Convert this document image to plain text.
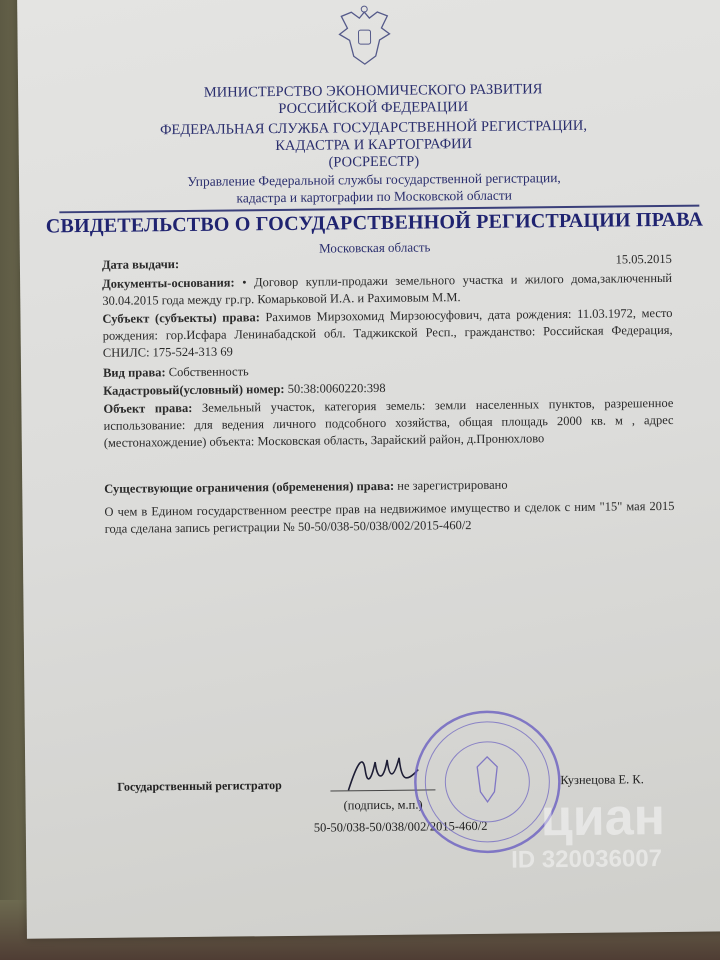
МИНИСТЕРСТВО ЭКОНОМИЧЕСКОГО РАЗВИТИЯ
РОССИЙСКОЙ ФЕДЕРАЦИИ
ФЕДЕРАЛЬНАЯ СЛУЖБА ГОСУДАРСТВЕННОЙ РЕГИСТРАЦИИ,
КАДАСТРА И КАРТОГРАФИИ
(РОСРЕЕСТР)
Управление Федеральной службы государственной регистрации,
кадастра и картографии по Московской области
СВИДЕТЕЛЬСТВО О ГОСУДАРСТВЕННОЙ РЕГИСТРАЦИИ ПРАВА
Московская область
Дата выдачи:	15.05.2015
Документы-основания: • Договор купли-продажи земельного участка и жилого дома,заключенный 30.04.2015 года между гр.гр. Комарьковой И.А. и Рахимовым М.М.
Субъект (субъекты) права: Рахимов Мирзохомид Мирзоюсуфович, дата рождения: 11.03.1972, место рождения: гор.Исфара Ленинабадской обл. Таджикской Респ., гражданство: Российская Федерация, СНИЛС: 175-524-313 69
Вид права: Собственность
Кадастровый(условный) номер: 50:38:0060220:398
Объект права: Земельный участок, категория земель: земли населенных пунктов, разрешенное использование: для ведения личного подсобного хозяйства, общая площадь 2000 кв. м , адрес (местонахождение) объекта: Московская область, Зарайский район, д.Пронюхлово
Существующие ограничения (обременения) права: не зарегистрировано
О чем в Едином государственном реестре прав на недвижимое имущество и сделок с ним "15" мая 2015 года сделана запись регистрации № 50-50/038-50/038/002/2015-460/2
Государственный регистратор
(подпись, м.п.)
50-50/038-50/038/002/2015-460/2
Кузнецова Е. К.
циан
ID 320036007
